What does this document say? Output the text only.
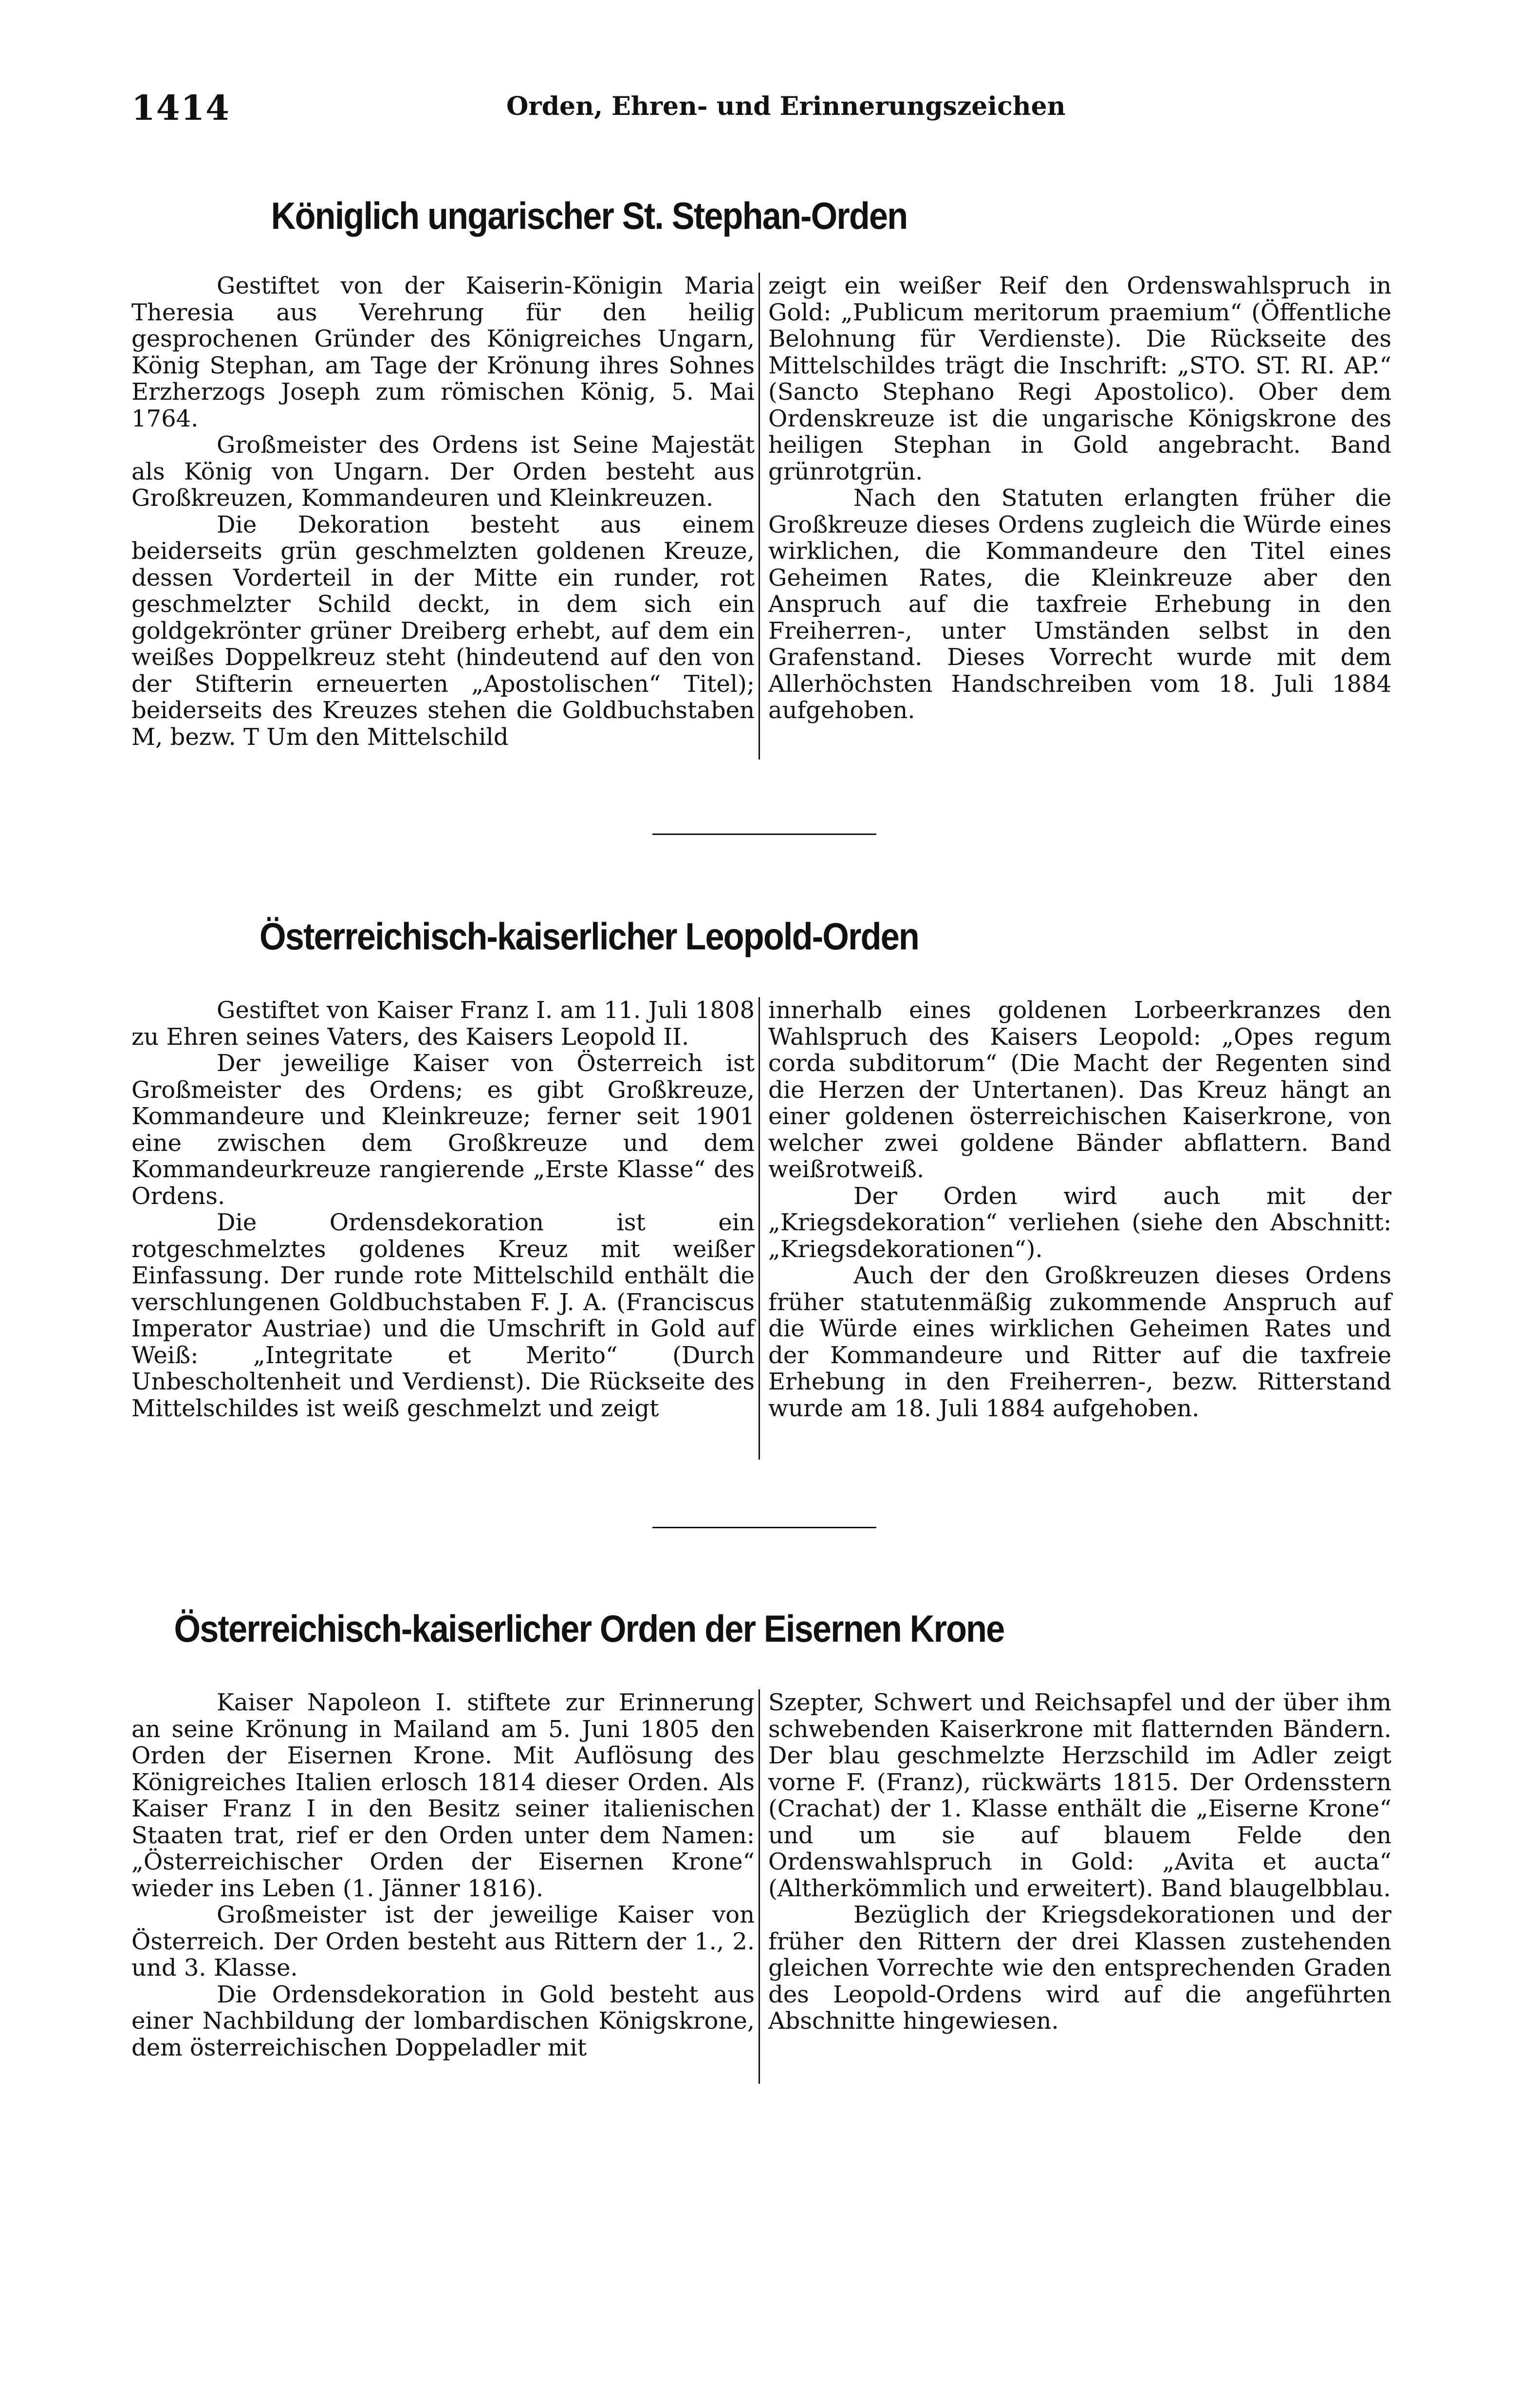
1414	Orden, Ehren- und Erinnerungszeichen
Königlich ungarischer St. Stephan-Orden

Gestiftet von der Kaiserin-Königin Maria Theresia aus Verehrung für den heilig gesprochenen Gründer des Königreiches Ungarn, König Stephan, am Tage der Krönung ihres Sohnes Erzherzogs Joseph zum römischen König, 5. Mai 1764.

Großmeister des Ordens ist Seine Majestät als König von Ungarn. Der Orden besteht aus Großkreuzen, Kommandeuren und Kleinkreuzen.

Die Dekoration besteht aus einem beiderseits grün geschmelzten goldenen Kreuze, dessen Vorderteil in der Mitte ein runder, rot geschmelzter Schild deckt, in dem sich ein goldgekrönter grüner Dreiberg erhebt, auf dem ein weißes Doppelkreuz steht (hindeutend auf den von der Stifterin erneuerten „Apostolischen“ Titel); beiderseits des Kreuzes stehen die Goldbuchstaben M, bezw. T Um den Mittelschild

zeigt ein weißer Reif den Ordenswahlspruch in Gold: „Publicum meritorum praemium“ (Öffentliche Belohnung für Verdienste). Die Rückseite des Mittelschildes trägt die Inschrift: „STO. ST. RI. AP.“ (Sancto Stephano Regi Apostolico). Ober dem Ordenskreuze ist die ungarische Königskrone des heiligen Stephan in Gold angebracht. Band grünrotgrün.

Nach den Statuten erlangten früher die Großkreuze dieses Ordens zugleich die Würde eines wirklichen, die Kommandeure den Titel eines Geheimen Rates, die Kleinkreuze aber den Anspruch auf die taxfreie Erhebung in den Freiherren-, unter Umständen selbst in den Grafenstand. Dieses Vorrecht wurde mit dem Allerhöchsten Handschreiben vom 18. Juli 1884 aufgehoben.

Österreichisch-kaiserlicher Leopold-Orden

Gestiftet von Kaiser Franz I. am 11. Juli 1808 zu Ehren seines Vaters, des Kaisers Leopold II.

Der jeweilige Kaiser von Österreich ist Großmeister des Ordens; es gibt Großkreuze, Kommandeure und Kleinkreuze; ferner seit 1901 eine zwischen dem Großkreuze und dem Kommandeurkreuze rangierende „Erste Klasse“ des Ordens.

Die Ordensdekoration ist ein rotgeschmelztes goldenes Kreuz mit weißer Einfassung. Der runde rote Mittelschild enthält die verschlungenen Goldbuchstaben F. J. A. (Franciscus Imperator Austriae) und die Umschrift in Gold auf Weiß: „Integritate et Merito“ (Durch Unbescholtenheit und Verdienst). Die Rückseite des Mittelschildes ist weiß geschmelzt und zeigt

innerhalb eines goldenen Lorbeerkranzes den Wahlspruch des Kaisers Leopold: „Opes regum corda subditorum“ (Die Macht der Regenten sind die Herzen der Untertanen). Das Kreuz hängt an einer goldenen österreichischen Kaiserkrone, von welcher zwei goldene Bänder abflattern. Band weißrotweiß.

Der Orden wird auch mit der „Kriegsdekoration“ verliehen (siehe den Abschnitt: „Kriegsdekorationen“).

Auch der den Großkreuzen dieses Ordens früher statutenmäßig zukommende Anspruch auf die Würde eines wirklichen Geheimen Rates und der Kommandeure und Ritter auf die taxfreie Erhebung in den Freiherren-, bezw. Ritterstand wurde am 18. Juli 1884 aufgehoben.

Österreichisch-kaiserlicher Orden der Eisernen Krone

Kaiser Napoleon I. stiftete zur Erinnerung an seine Krönung in Mailand am 5. Juni 1805 den Orden der Eisernen Krone. Mit Auflösung des Königreiches Italien erlosch 1814 dieser Orden. Als Kaiser Franz I in den Besitz seiner italienischen Staaten trat, rief er den Orden unter dem Namen: „Österreichischer Orden der Eisernen Krone“ wieder ins Leben (1. Jänner 1816).

Großmeister ist der jeweilige Kaiser von Österreich. Der Orden besteht aus Rittern der 1., 2. und 3. Klasse.

Die Ordensdekoration in Gold besteht aus einer Nachbildung der lombardischen Königskrone, dem österreichischen Doppeladler mit

Szepter, Schwert und Reichsapfel und der über ihm schwebenden Kaiserkrone mit flatternden Bändern. Der blau geschmelzte Herzschild im Adler zeigt vorne F. (Franz), rückwärts 1815. Der Ordensstern (Crachat) der 1. Klasse enthält die „Eiserne Krone“ und um sie auf blauem Felde den Ordenswahlspruch in Gold: „Avita et aucta“ (Altherkömmlich und erweitert). Band blaugelbblau.

Bezüglich der Kriegsdekorationen und der früher den Rittern der drei Klassen zustehenden gleichen Vorrechte wie den entsprechenden Graden des Leopold-Ordens wird auf die angeführten Abschnitte hingewiesen.
